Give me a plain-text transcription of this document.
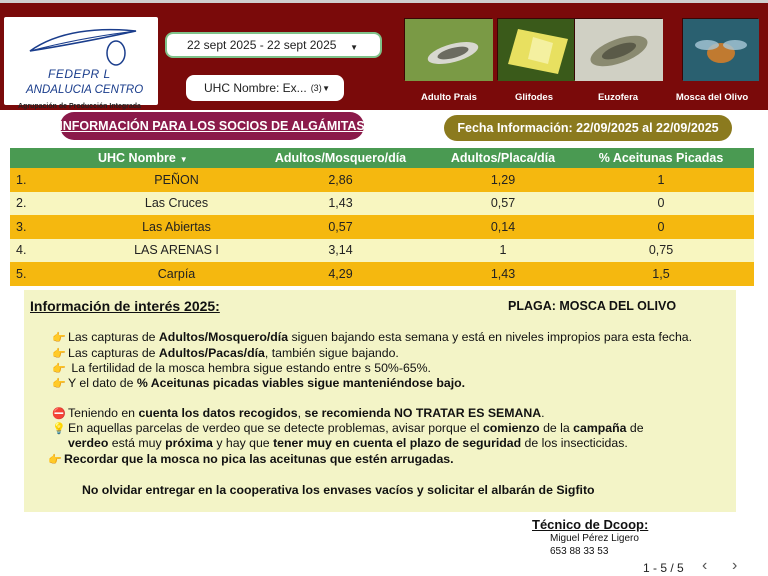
FEDEPR L
ANDALUCIA CENTRO
Agrupación de Producción Integrada
22 sept 2025 - 22 sept 2025 ▼
UHC Nombre: Ex... (3) ▼
Adulto Prais	Glifodes	Euzofera	Mosca del Olivo
INFORMACIÓN PARA LOS SOCIOS DE ALGÁMITAS	Fecha Información: 22/09/2025 al 22/09/2025
UHC Nombre ▼	Adultos/Mosquero/día	Adultos/Placa/día	% Aceitunas Picadas
1.	PEÑON	2,86	1,29	1
2.	Las Cruces	1,43	0,57	0
3.	Las Abiertas	0,57	0,14	0
4.	LAS ARENAS I	3,14	1	0,75
5.	Carpía	4,29	1,43	1,5
Información de interés 2025:	PLAGA: MOSCA DEL OLIVO
👉 Las capturas de Adultos/Mosquero/día siguen bajando esta semana y está en niveles impropios para esta fecha.
👉 Las capturas de Adultos/Pacas/día, también sigue bajando.
👉 La fertilidad de la mosca hembra sigue estando entre s 50%-65%.
👉 Y el dato de % Aceitunas picadas viables sigue manteniéndose bajo.
⛔ Teniendo en cuenta los datos recogidos, se recomienda NO TRATAR ES SEMANA.
💡 En aquellas parcelas de verdeo que se detecte problemas, avisar porque el comienzo de la campaña de
verdeo está muy próxima y hay que tener muy en cuenta el plazo de seguridad de los insecticidas.
👉 Recordar que la mosca no pica las aceitunas que estén arrugadas.
No olvidar entregar en la cooperativa los envases vacíos y solicitar el albarán de Sigfito
Técnico de Dcoop:
Miguel Pérez Ligero
653 88 33 53
1 - 5 / 5 ‹ ›
